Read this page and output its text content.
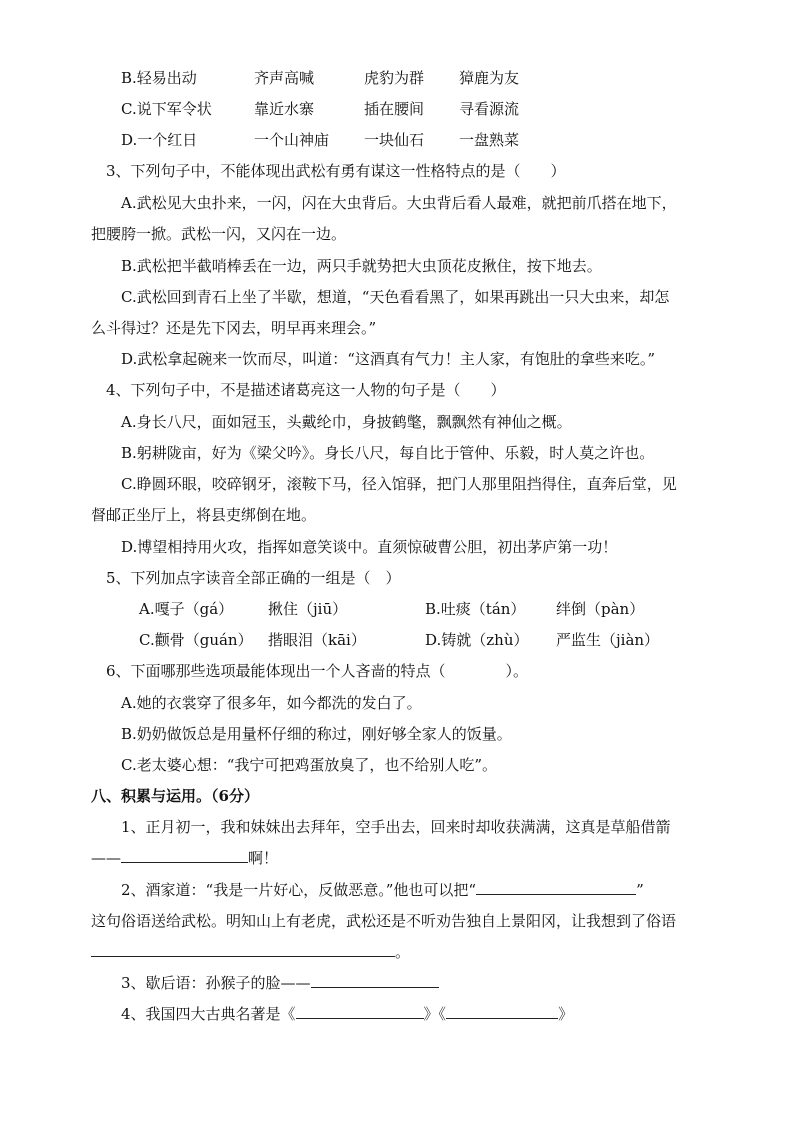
B.轻易出动	齐声高喊	虎豹为群 獐鹿为友
C.说下军令状	靠近水寨	插在腰间 寻看源流
D.一个红日	一个山神庙 一块仙石 一盘熟菜
3、下列句子中，不能体现出武松有勇有谋这一性格特点的是（　　）
A.武松见大虫扑来，一闪，闪在大虫背后。大虫背后看人最难，就把前爪搭在地下，
把腰胯一掀。武松一闪，又闪在一边。
B.武松把半截哨棒丢在一边，两只手就势把大虫顶花皮揪住，按下地去。
C.武松回到青石上坐了半歇，想道，“天色看看黑了，如果再跳出一只大虫来，却怎
么斗得过？还是先下冈去，明早再来理会。”
D.武松拿起碗来一饮而尽，叫道：“这酒真有气力！主人家，有饱肚的拿些来吃。”
4、下列句子中，不是描述诸葛亮这一人物的句子是（　　）
A.身长八尺，面如冠玉，头戴纶巾，身披鹤氅，飘飘然有神仙之概。
B.躬耕陇亩，好为《梁父吟》。身长八尺，每自比于管仲、乐毅，时人莫之许也。
C.睁圆环眼，咬碎钢牙，滚鞍下马，径入馆驿，把门人那里阻挡得住，直奔后堂，见
督邮正坐厅上，将县吏绑倒在地。
D.博望相持用火攻，指挥如意笑谈中。直须惊破曹公胆，初出茅庐第一功！
5、下列加点字读音全部正确的一组是（　）
A.嘎子（gá） 揪住（jiū）	B.吐痰（tán） 绊倒（pàn）
C.颧骨（guán） 揩眼泪（kāi）	D.铸就（zhù） 严监生（jiàn）
6、下面哪那些选项最能体现出一个人吝啬的特点（　　　　）。
A.她的衣裳穿了很多年，如今都洗的发白了。
B.奶奶做饭总是用量杯仔细的称过，刚好够全家人的饭量。
C.老太婆心想：“我宁可把鸡蛋放臭了，也不给别人吃”。
八、积累与运用。（6分）
1、正月初一，我和妹妹出去拜年，空手出去，回来时却收获满满，这真是草船借箭
——	啊！
2、酒家道：“我是一片好心，反做恶意。”他也可以把“	”
这句俗语送给武松。明知山上有老虎，武松还是不听劝告独自上景阳冈，让我想到了俗语
。
3、歇后语：孙猴子的脸——
4、我国四大古典名著是《	》《	》
